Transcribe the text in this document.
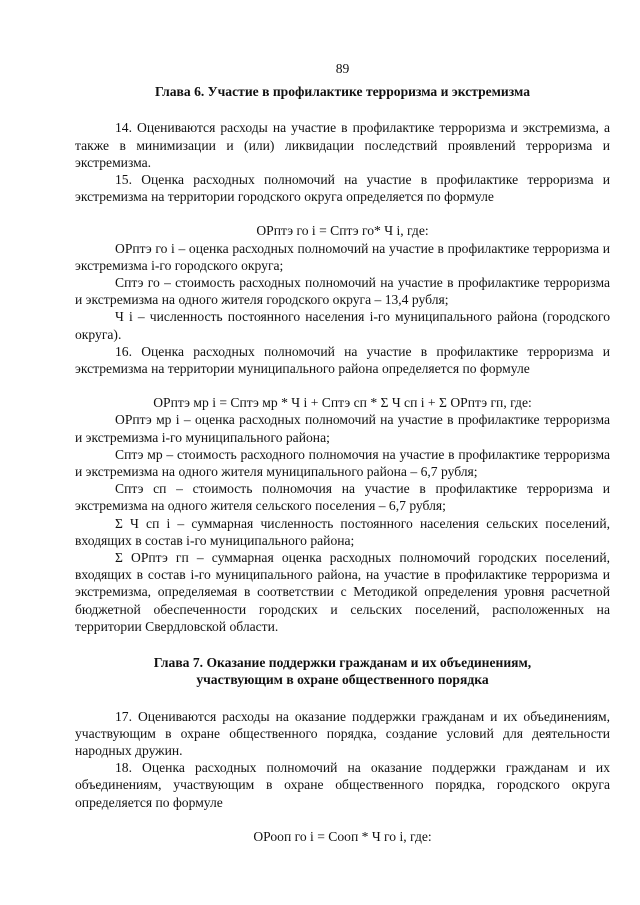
89
Глава 6. Участие в профилактике терроризма и экстремизма

14. Оцениваются расходы на участие в профилактике терроризма и экстремизма, а также в минимизации и (или) ликвидации последствий проявлений терроризма и экстремизма.

15. Оценка расходных полномочий на участие в профилактике терроризма и экстремизма на территории городского округа определяется по формуле

ОРптэ го i = Сптэ го* Ч i, где:

ОРптэ го i – оценка расходных полномочий на участие в профилактике терроризма и экстремизма i-го городского округа;

Сптэ го – стоимость расходных полномочий на участие в профилактике терроризма и экстремизма на одного жителя городского округа – 13,4 рубля;

Ч i – численность постоянного населения i-го муниципального района (городского округа).

16. Оценка расходных полномочий на участие в профилактике терроризма и экстремизма на территории муниципального района определяется по формуле

ОРптэ мр i = Сптэ мр * Ч i + Сптэ сп * Σ Ч сп i + Σ ОРптэ гп, где:

ОРптэ мр i – оценка расходных полномочий на участие в профилактике терроризма и экстремизма i-го муниципального района;

Сптэ мр – стоимость расходного полномочия на участие в профилактике терроризма и экстремизма на одного жителя муниципального района – 6,7 рубля;

Сптэ сп – стоимость полномочия на участие в профилактике терроризма и экстремизма на одного жителя сельского поселения – 6,7 рубля;

Σ Ч сп i – суммарная численность постоянного населения сельских поселений, входящих в состав i-го муниципального района;

Σ ОРптэ гп – суммарная оценка расходных полномочий городских поселений, входящих в состав i-го муниципального района, на участие в профилактике терроризма и экстремизма, определяемая в соответствии с Методикой определения уровня расчетной бюджетной обеспеченности городских и сельских поселений, расположенных на территории Свердловской области.

Глава 7. Оказание поддержки гражданам и их объединениям,
участвующим в охране общественного порядка

17. Оцениваются расходы на оказание поддержки гражданам и их объединениям, участвующим в охране общественного порядка, создание условий для деятельности народных дружин.

18. Оценка расходных полномочий на оказание поддержки гражданам и их объединениям, участвующим в охране общественного порядка, городского округа определяется по формуле

ОРооп го i = Сооп * Ч го i, где:
